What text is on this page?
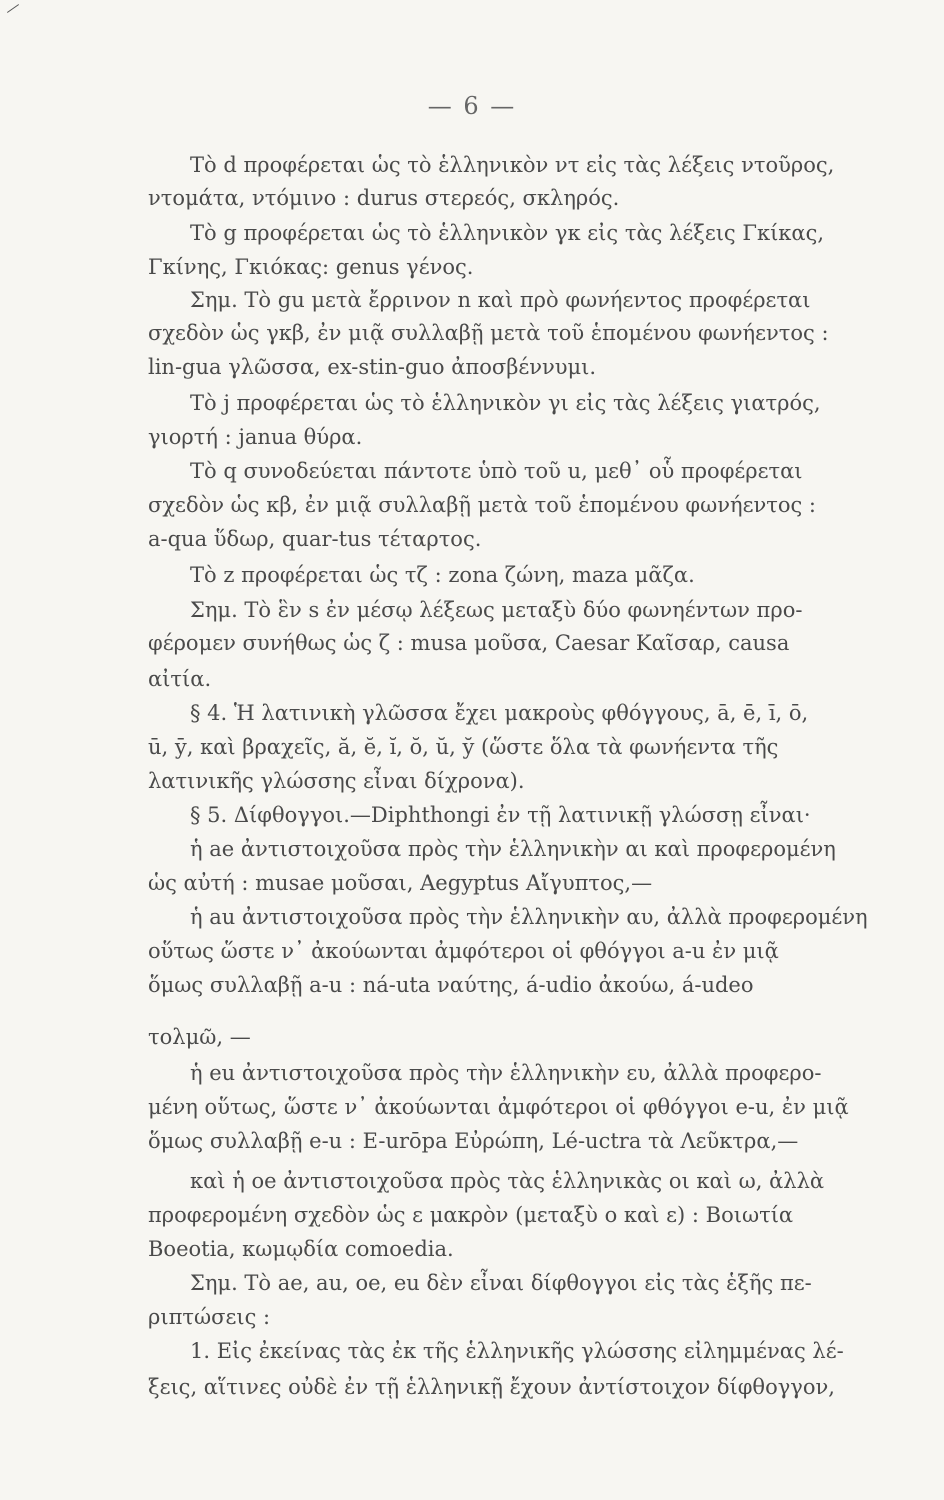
— 6 —
Τὸ d προφέρεται ὡς τὸ ἑλληνικὸν ντ εἰς τὰς λέξεις ντοῦρος,
ντομάτα, ντόμινο : durus στερεός, σκληρός.
Τὸ g προφέρεται ὡς τὸ ἑλληνικὸν γκ εἰς τὰς λέξεις Γκίκας,
Γκίνης, Γκιόκας: genus γένος.
Σημ. Τὸ gu μετὰ ἔρρινον n καὶ πρὸ φωνήεντος προφέρεται
σχεδὸν ὡς γκβ, ἐν μιᾷ συλλαβῇ μετὰ τοῦ ἑπομένου φωνήεντος :
lin-gua γλῶσσα, ex-stin-guo ἀποσβέννυμι.
Τὸ j προφέρεται ὡς τὸ ἑλληνικὸν γι εἰς τὰς λέξεις γιατρός,
γιορτή : janua θύρα.
Τὸ q συνοδεύεται πάντοτε ὑπὸ τοῦ u, μεθ᾽ οὗ προφέρεται
σχεδὸν ὡς κβ, ἐν μιᾷ συλλαβῇ μετὰ τοῦ ἑπομένου φωνήεντος :
a-qua ὕδωρ, quar-tus τέταρτος.
Τὸ z προφέρεται ὡς τζ : zona ζώνη, maza μᾶζα.
Σημ. Τὸ ἓν s ἐν μέσῳ λέξεως μεταξὺ δύο φωνηέντων προ-
φέρομεν συνήθως ὡς ζ : musa μοῦσα, Caesar Καῖσαρ, causa
αἰτία.
§ 4. Ἡ λατινικὴ γλῶσσα ἔχει μακροὺς φθόγγους, ā, ē, ī, ō,
ū, ȳ, καὶ βραχεῖς, ă, ĕ, ĭ, ŏ, ŭ, y̆ (ὥστε ὅλα τὰ φωνήεντα τῆς
λατινικῆς γλώσσης εἶναι δίχρονα).
§ 5. Δίφθογγοι.—Diphthongi ἐν τῇ λατινικῇ γλώσσῃ εἶναι·
ἡ ae ἀντιστοιχοῦσα πρὸς τὴν ἑλληνικὴν αι καὶ προφερομένη
ὡς αὐτή : musae μοῦσαι, Aegyptus Αἴγυπτος,—
ἡ au ἀντιστοιχοῦσα πρὸς τὴν ἑλληνικὴν αυ, ἀλλὰ προφερομένη
οὕτως ὥστε ν᾽ ἀκούωνται ἀμφότεροι οἱ φθόγγοι a-u ἐν μιᾷ
ὅμως συλλαβῇ a-u : ná-uta ναύτης, á-udio ἀκούω, á-udeo
τολμῶ, —
ἡ eu ἀντιστοιχοῦσα πρὸς τὴν ἑλληνικὴν ευ, ἀλλὰ προφερο-
μένη οὕτως, ὥστε ν᾽ ἀκούωνται ἀμφότεροι οἱ φθόγγοι e-u, ἐν μιᾷ
ὅμως συλλαβῇ e-u : E-urōpa Εὐρώπη, Lé-uctra τὰ Λεῦκτρα,—
καὶ ἡ oe ἀντιστοιχοῦσα πρὸς τὰς ἑλληνικὰς οι καὶ ω, ἀλλὰ
προφερομένη σχεδὸν ὡς ε μακρὸν (μεταξὺ ο καὶ ε) : Βοιωτία
Boeotia, κωμῳδία comoedia.
Σημ. Τὸ ae, au, oe, eu δὲν εἶναι δίφθογγοι εἰς τὰς ἑξῆς πε-
ριπτώσεις :
1. Εἰς ἐκείνας τὰς ἐκ τῆς ἑλληνικῆς γλώσσης εἰλημμένας λέ-
ξεις, αἵτινες οὐδὲ ἐν τῇ ἑλληνικῇ ἔχουν ἀντίστοιχον δίφθογγον,
